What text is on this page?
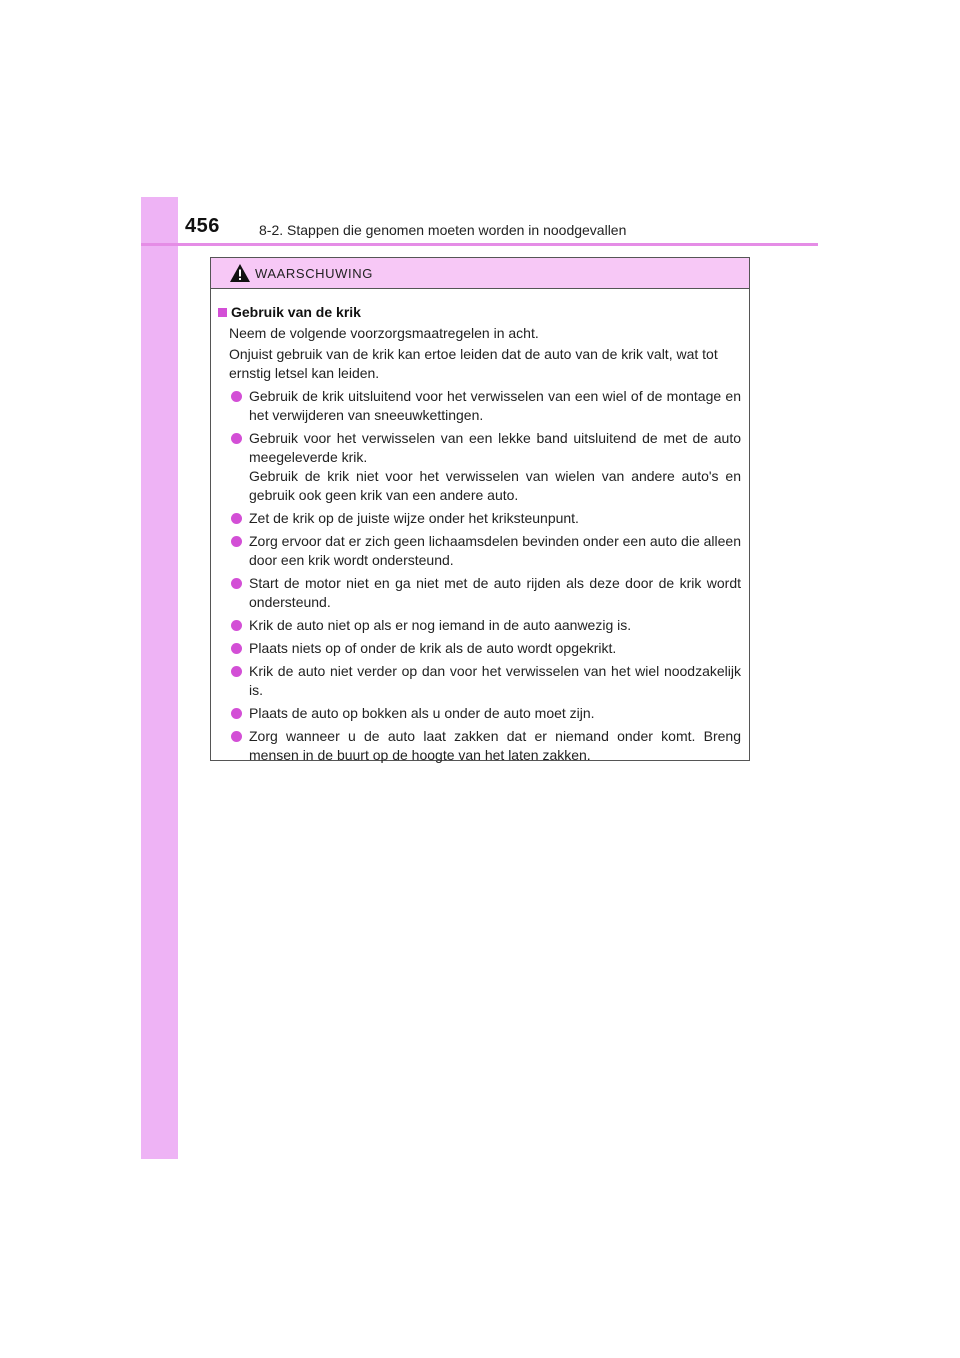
456	8-2. Stappen die genomen moeten worden in noodgevallen
WAARSCHUWING
Gebruik van de krik
Neem de volgende voorzorgsmaatregelen in acht.
Onjuist gebruik van de krik kan ertoe leiden dat de auto van de krik valt, wat tot ernstig letsel kan leiden.
Gebruik de krik uitsluitend voor het verwisselen van een wiel of de montage en het verwijderen van sneeuwkettingen.
Gebruik voor het verwisselen van een lekke band uitsluitend de met de auto meegeleverde krik.
Gebruik de krik niet voor het verwisselen van wielen van andere auto's en gebruik ook geen krik van een andere auto.
Zet de krik op de juiste wijze onder het kriksteunpunt.
Zorg ervoor dat er zich geen lichaamsdelen bevinden onder een auto die alleen door een krik wordt ondersteund.
Start de motor niet en ga niet met de auto rijden als deze door de krik wordt ondersteund.
Krik de auto niet op als er nog iemand in de auto aanwezig is.
Plaats niets op of onder de krik als de auto wordt opgekrikt.
Krik de auto niet verder op dan voor het verwisselen van het wiel noodzakelijk is.
Plaats de auto op bokken als u onder de auto moet zijn.
Zorg wanneer u de auto laat zakken dat er niemand onder komt. Breng mensen in de buurt op de hoogte van het laten zakken.
